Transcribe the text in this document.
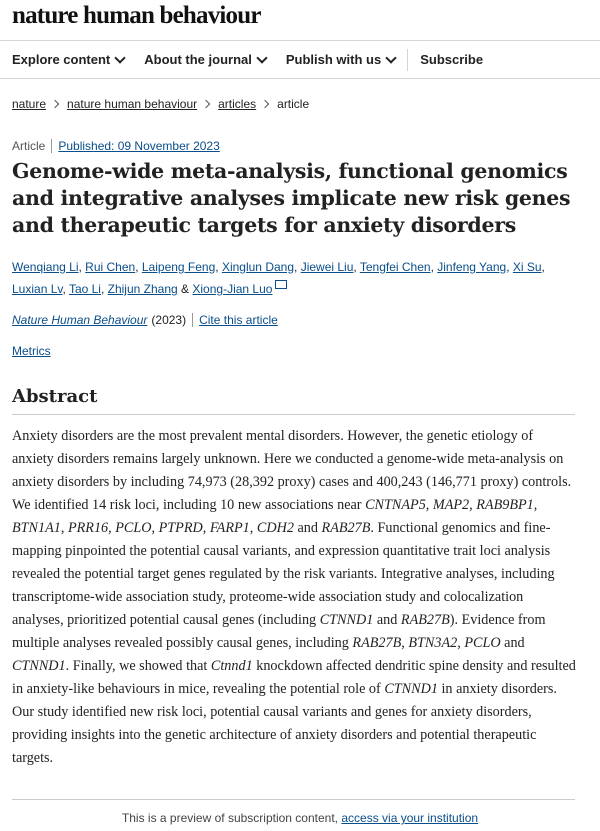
nature human behaviour
Explore content	About the journal	Publish with us	Subscribe
nature nature human behaviour articles article
Article Published: 09 November 2023
Genome-wide meta-analysis, functional genomics and integrative analyses implicate new risk genes and therapeutic targets for anxiety disorders
Wenqiang Li, Rui Chen, Laipeng Feng, Xinglun Dang, Jiewei Liu, Tengfei Chen, Jinfeng Yang, Xi Su, Luxian Lv, Tao Li, Zhijun Zhang & Xiong-Jian Luo
Nature Human Behaviour (2023) Cite this article
Metrics
Abstract

Anxiety disorders are the most prevalent mental disorders. However, the genetic etiology of anxiety disorders remains largely unknown. Here we conducted a genome-wide meta-analysis on anxiety disorders by including 74,973 (28,392 proxy) cases and 400,243 (146,771 proxy) controls. We identified 14 risk loci, including 10 new associations near CNTNAP5, MAP2, RAB9BP1, BTN1A1, PRR16, PCLO, PTPRD, FARP1, CDH2 and RAB27B. Functional genomics and fine-mapping pinpointed the potential causal variants, and expression quantitative trait loci analysis revealed the potential target genes regulated by the risk variants. Integrative analyses, including transcriptome-wide association study, proteome-wide association study and colocalization analyses, prioritized potential causal genes (including CTNND1 and RAB27B). Evidence from multiple analyses revealed possibly causal genes, including RAB27B, BTN3A2, PCLO and CTNND1. Finally, we showed that Ctnnd1 knockdown affected dendritic spine density and resulted in anxiety-like behaviours in mice, revealing the potential role of CTNND1 in anxiety disorders. Our study identified new risk loci, potential causal variants and genes for anxiety disorders, providing insights into the genetic architecture of anxiety disorders and potential therapeutic targets.

This is a preview of subscription content, access via your institution
